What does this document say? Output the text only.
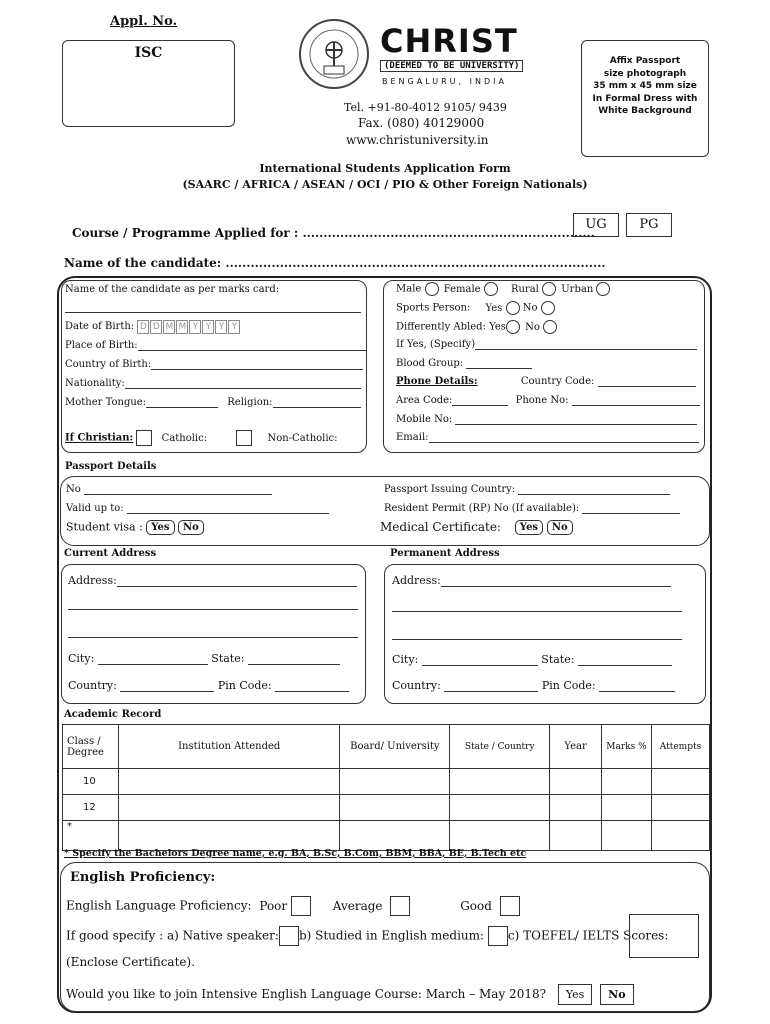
Appl. No.
ISC	CHRIST
(DEEMED TO BE UNIVERSITY)
BENGALURU, INDIA
Tel. +91-80-4012 9105/ 9439
Fax. (080) 40129000
www.christuniversity.in
Affix Passport
size photograph
35 mm x 45 mm size
In Formal Dress with
White Background
International Students Application Form
(SAARC / AFRICA / ASEAN / OCI / PIO & Other Foreign Nationals)
Course / Programme Applied for : ......................................................................
UG	PG
Name of the candidate: ...........................................................................................
Name of the candidate as per marks card:
Date of Birth: D D M M Y Y Y Y
Place of Birth:
Country of Birth:
Nationality:
Mother Tongue:	Religion:
If Christian:	Catholic:	Non-Catholic:
Male Female	Rural Urban
Sports Person: Yes No
Differently Abled: Yes No
If Yes, (Specify)
Blood Group:
Phone Details:	Country Code:
Area Code:	Phone No:
Mobile No:
Email:
Passport Details
No
Valid up to:
Student visa : Yes No
Passport Issuing Country:
Resident Permit (RP) No (If available):
Medical Certificate: Yes No
Current Address	Permanent Address
Address:
City:	State:
Country:	Pin Code:
Address:
City:	State:
Country:	Pin Code:
Academic Record
Class / Degree	Institution Attended	Board/ University	State / Country	Year	Marks %	Attempts
10						
12						
*						
* Specify the Bachelors Degree name, e.g. BA, B.Sc, B.Com, BBM, BBA, BE, B.Tech etc
English Proficiency:
English Language Proficiency: Poor	Average	Good
If good specify : a) Native speaker: b) Studied in English medium: c) TOEFEL/ IELTS Scores:
(Enclose Certificate).
Would you like to join Intensive English Language Course: March – May 2018? Yes No
